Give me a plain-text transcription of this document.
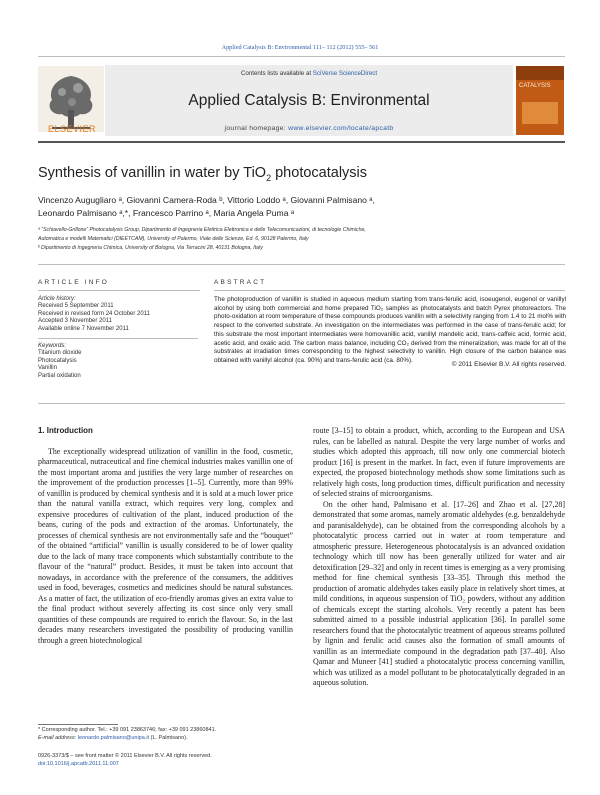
Applied Catalysis B: Environmental 111– 112 (2012) 555– 561
ELSEVIER
Contents lists available at SciVerse ScienceDirect
Applied Catalysis B: Environmental
journal homepage: www.elsevier.com/locate/apcatb
CATALYSIS
Synthesis of vanillin in water by TiO$_2$ photocatalysis
Vincenzo Augugliaro ᵃ, Giovanni Camera-Roda ᵇ, Vittorio Loddo ᵃ, Giovanni Palmisano ᵃ,
Leonardo Palmisano ᵃ,*, Francesco Parrino ᵃ, Maria Angela Puma ᵃ
ᵃ “Schiavello-Grillone” Photocatalysis Group, Dipartimento di Ingegneria Elettrica Elettronica e delle Telecomunicazioni, di tecnologie Chimiche,
Automatica e modelli Matematici (DIEETCAM), University of Palermo, Viale delle Scienze, Ed. 6, 90128 Palermo, Italy
ᵇ Dipartimento di Ingegneria Chimica, University of Bologna, Via Terracini 28, 40131 Bologna, Italy
ARTICLE INFO	ABSTRACT
Article history:
Received 5 September 2011
Received in revised form 24 October 2011
Accepted 3 November 2011
Available online 7 November 2011
Keywords:
Titanium dioxide
Photocatalysis
Vanillin
Partial oxidation
The photoproduction of vanillin is studied in aqueous medium starting from trans-ferulic acid, isoeugenol, eugenol or vanillyl alcohol by using both commercial and home prepared TiO₂ samples as photocatalysts and batch Pyrex photoreactors. The photo-oxidation at room temperature of these compounds produces vanillin with a selectivity ranging from 1.4 to 21 mol% with respect to the converted substrate. An investigation on the intermediates was performed in the case of trans-ferulic acid; for this substrate the most important intermediates were homovanillic acid, vanillyl mandelic acid, trans-caffeic acid, formic acid, acetic acid, and oxalic acid. The carbon mass balance, including CO₂ derived from the mineralization, was made for all of the substrates at irradiation times corresponding to the highest selectivity to vanillin. High closure of the carbon balance was obtained with vanillyl alcohol (ca. 90%) and trans-ferulic acid (ca. 80%).
© 2011 Elsevier B.V. All rights reserved.
1. Introduction

The exceptionally widespread utilization of vanillin in the food, cosmetic, pharmaceutical, nutraceutical and fine chemical industries makes vanillin one of the most important aroma and justifies the very large number of researches on the improvement of the production processes [1–5]. Currently, more than 99% of vanillin is produced by chemical synthesis and it is sold at a much lower price than the natural vanilla extract, which requires very long, complex and expensive procedures of cultivation of the plant, induced production of the beans, curing of the pods and extraction of the aromas. Unfortunately, the processes of chemical synthesis are not environmentally safe and the “bouquet” of the obtained “artificial” vanillin is usually considered to be of lower quality due to the lack of many trace components which substantially contribute to the flavour of the “natural” product. Besides, it must be taken into account that nowadays, in accordance with the preference of the consumers, the additives used in food, beverages, cosmetics and medicines should be natural substances. As a matter of fact, the utilization of eco-friendly aromas gives an extra value to the final product without severely affecting its cost since only very small quantities of these compounds are required to enrich the flavour. So, in the last decades many researchers investigated the possibility of producing vanillin through a green biotechnological

route [3–15] to obtain a product, which, according to the European and USA rules, can be labelled as natural. Despite the very large number of works and studies which adopted this approach, till now only one commercial biotech product [16] is present in the market. In fact, even if future improvements are expected, the proposed biotechnology methods show some limitations such as relatively high costs, long production times, difficult purification and necessity of selected strains of microorganisms.

On the other hand, Palmisano et al. [17–26] and Zhao et al. [27,28] demonstrated that some aromas, namely aromatic aldehydes (e.g. benzaldehyde and paranisaldehyde), can be obtained from the corresponding alcohols by a photocatalytic process carried out in water at room temperature and atmospheric pressure. Heterogeneous photocatalysis is an advanced oxidation technology which till now has been generally utilized for water and air detoxification [29–32] and only in recent times is emerging as a very promising method for fine chemical synthesis [33–35]. Through this method the production of aromatic aldehydes takes easily place in relatively short times, at mild conditions, in aqueous suspension of TiO₂ powders, without any addition of chemicals except the starting alcohols. Very recently a patent has been submitted aimed to a possible industrial application [36]. In parallel some researchers found that the photocatalytic treatment of aqueous streams polluted by lignin and ferulic acid causes also the formation of small amounts of vanillin as an intermediate compound in the degradation path [37–40]. Also Qamar and Muneer [41] studied a photocatalytic process concerning vanillin, which was utilized as a model pollutant to be photocatalytically degraded in an aqueous solution.

* Corresponding author. Tel.: +39 091 23863746; fax: +39 091 23860841.
E-mail address: leonardo.palmisano@unipa.it (L. Palmisano).
0926-3373/$ – see front matter © 2011 Elsevier B.V. All rights reserved.
doi:10.1016/j.apcatb.2011.11.007
